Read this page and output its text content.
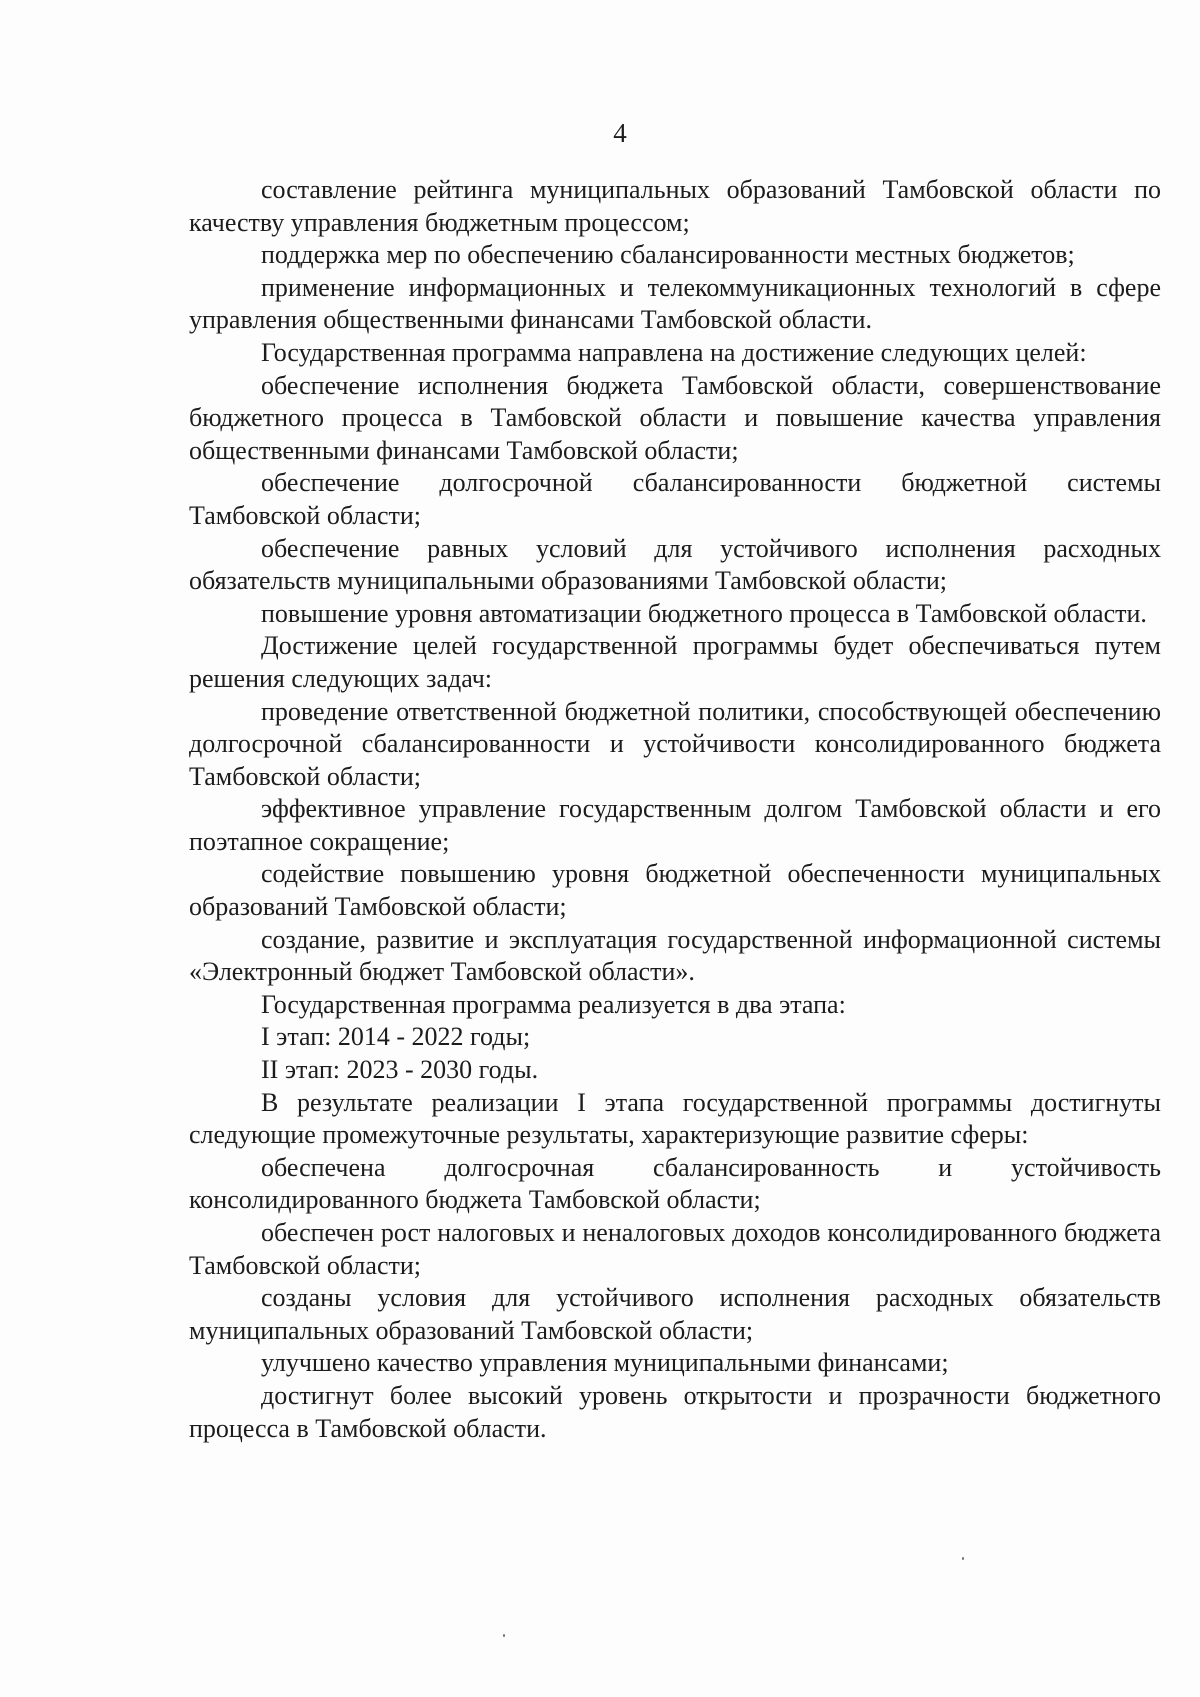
4

составление рейтинга муниципальных образований Тамбовской области по качеству управления бюджетным процессом;

поддержка мер по обеспечению сбалансированности местных бюджетов;

применение информационных и телекоммуникационных технологий в сфере управления общественными финансами Тамбовской области.

Государственная программа направлена на достижение следующих целей:

обеспечение исполнения бюджета Тамбовской области, совершенствование бюджетного процесса в Тамбовской области и повышение качества управления общественными финансами Тамбовской области;

обеспечение долгосрочной сбалансированности бюджетной системы Тамбовской области;

обеспечение равных условий для устойчивого исполнения расходных обязательств муниципальными образованиями Тамбовской области;

повышение уровня автоматизации бюджетного процесса в Тамбовской области.

Достижение целей государственной программы будет обеспечиваться путем решения следующих задач:

проведение ответственной бюджетной политики, способствующей обеспечению долгосрочной сбалансированности и устойчивости консолидированного бюджета Тамбовской области;

эффективное управление государственным долгом Тамбовской области и его поэтапное сокращение;

содействие повышению уровня бюджетной обеспеченности муниципальных образований Тамбовской области;

создание, развитие и эксплуатация государственной информационной системы «Электронный бюджет Тамбовской области».

Государственная программа реализуется в два этапа:

I этап: 2014 - 2022 годы;

II этап: 2023 - 2030 годы.

В результате реализации I этапа государственной программы достигнуты следующие промежуточные результаты, характеризующие развитие сферы:

обеспечена долгосрочная сбалансированность и устойчивость консолидированного бюджета Тамбовской области;

обеспечен рост налоговых и неналоговых доходов консолидированного бюджета Тамбовской области;

созданы условия для устойчивого исполнения расходных обязательств муниципальных образований Тамбовской области;

улучшено качество управления муниципальными финансами;

достигнут более высокий уровень открытости и прозрачности бюджетного процесса в Тамбовской области.
